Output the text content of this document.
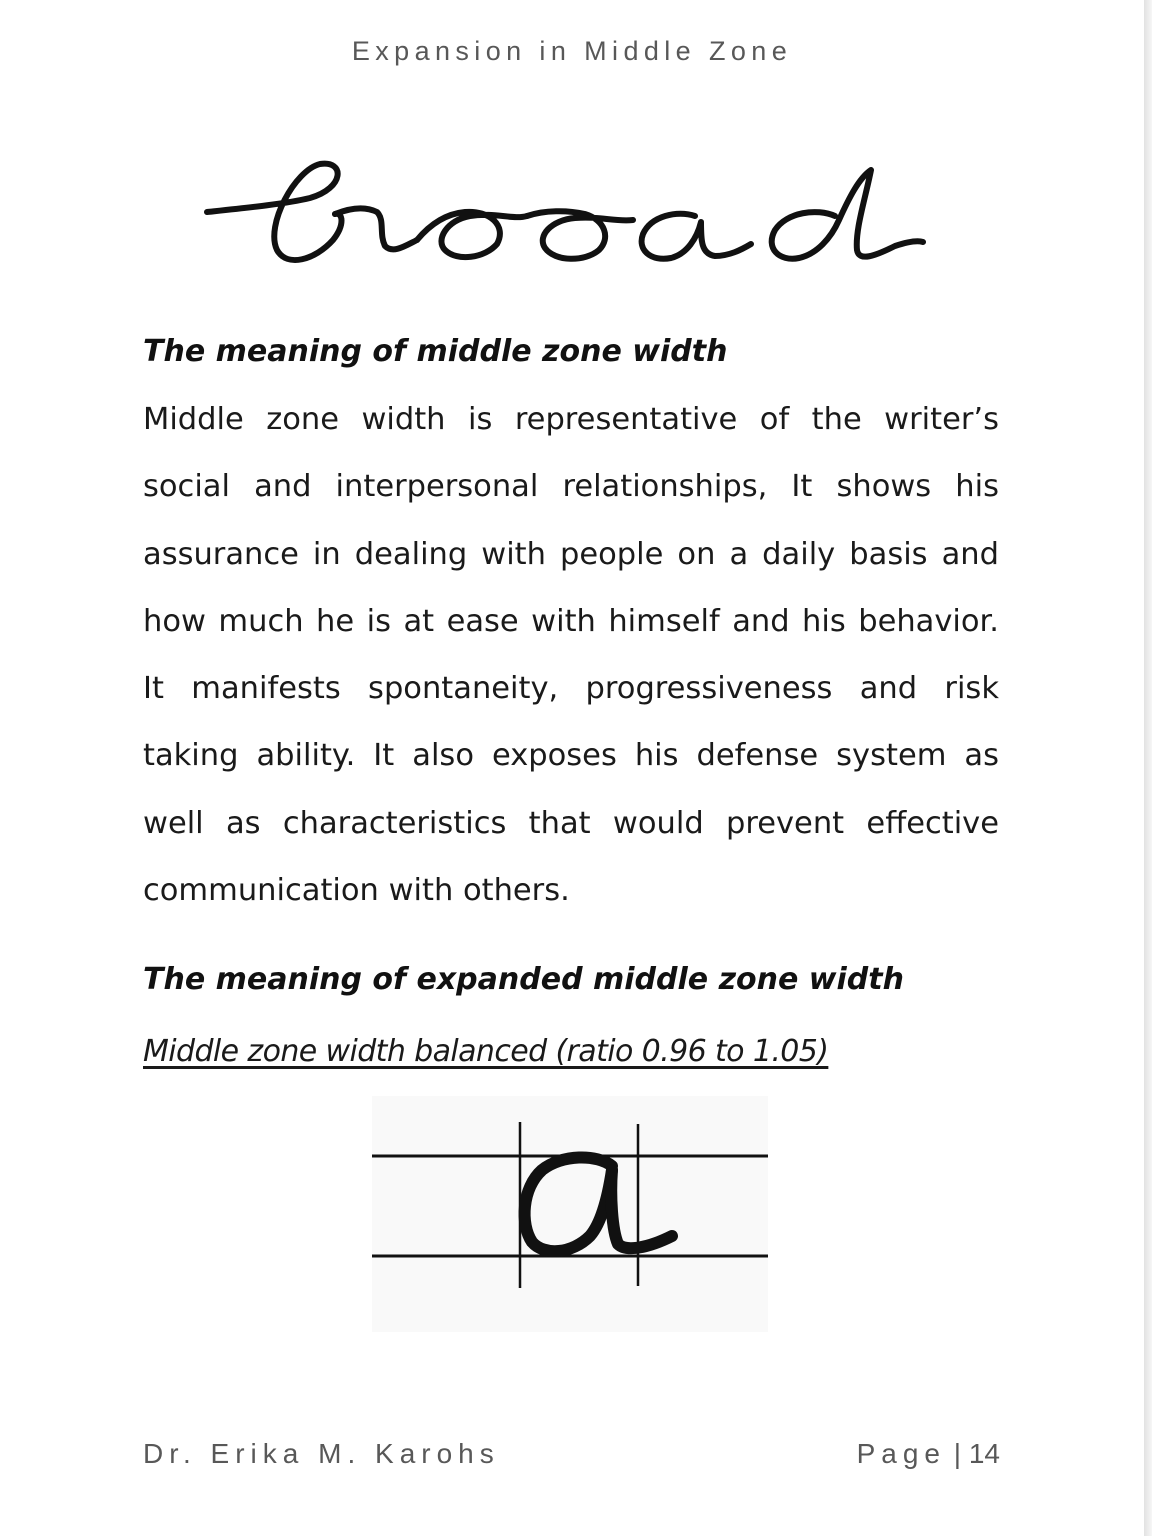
Expansion in Middle Zone
The meaning of middle zone width

Middle zone width is representative of the writer’s social and interpersonal relationships, It shows his assurance in dealing with people on a daily basis and how much he is at ease with himself and his behavior. It manifests spontaneity, progressiveness and risk taking ability. It also exposes his defense system as well as characteristics that would prevent effective communication with others.

The meaning of expanded middle zone width

Middle zone width balanced (ratio 0.96 to 1.05)

Dr. Erika M. Karohs	Page | 14
